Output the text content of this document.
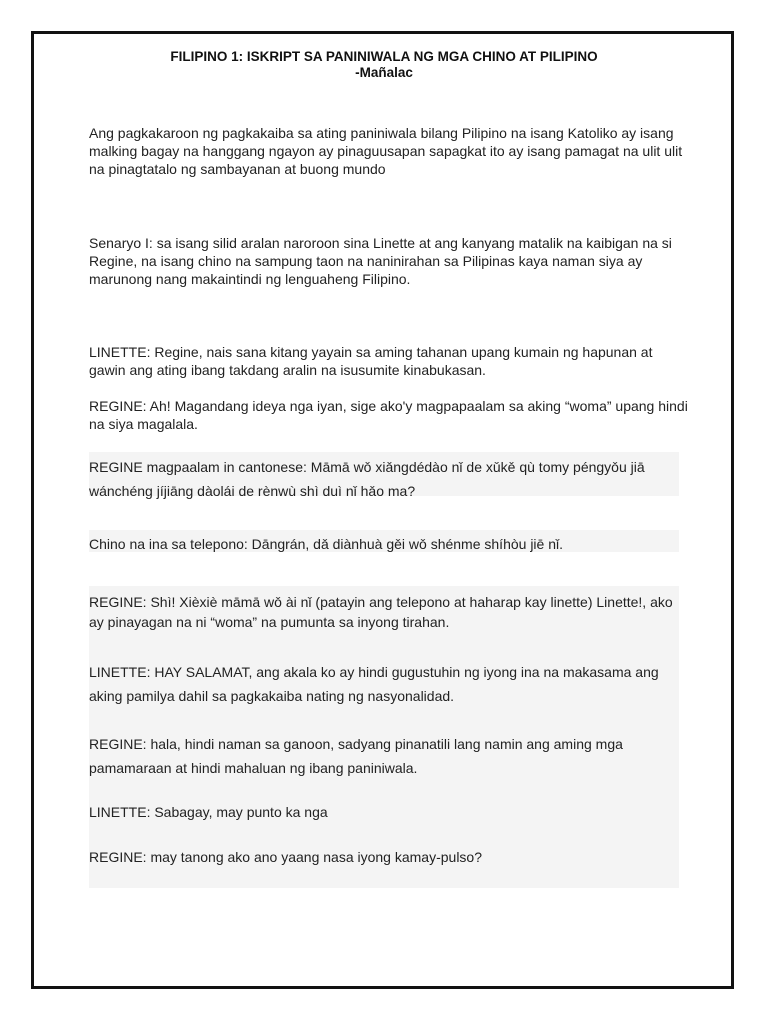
FILIPINO 1: ISKRIPT SA PANINIWALA NG MGA CHINO AT PILIPINO
-Mañalac

Ang pagkakaroon ng pagkakaiba sa ating paniniwala bilang Pilipino na isang Katoliko ay isang malking bagay na hanggang ngayon ay pinaguusapan sapagkat ito ay isang pamagat na ulit ulit na pinagtatalo ng sambayanan at buong mundo

Senaryo I: sa isang silid aralan naroroon sina Linette at ang kanyang matalik na kaibigan na si Regine, na isang chino na sampung taon na naninirahan sa Pilipinas kaya naman siya ay marunong nang makaintindi ng lenguaheng Filipino.

LINETTE: Regine, nais sana kitang yayain sa aming tahanan upang kumain ng hapunan at gawin ang ating ibang takdang aralin na isusumite kinabukasan.

REGINE: Ah! Magandang ideya nga iyan, sige ako'y magpapaalam sa aking “woma” upang hindi na siya magalala.

REGINE magpaalam in cantonese: Māmā wǒ xiǎngdédào nǐ de xǔkě qù tomy péngyǒu jiā wánchéng jíjiāng dàolái de rènwù shì duì nǐ hǎo ma?

Chino na ina sa telepono: Dāngrán, dǎ diànhuà gěi wǒ shénme shíhòu jiē nǐ.

REGINE: Shì! Xièxiè māmā wǒ ài nǐ (patayin ang telepono at haharap kay linette) Linette!, ako ay pinayagan na ni “woma” na pumunta sa inyong tirahan.

LINETTE: HAY SALAMAT, ang akala ko ay hindi gugustuhin ng iyong ina na makasama ang aking pamilya dahil sa pagkakaiba nating ng nasyonalidad.

REGINE: hala, hindi naman sa ganoon, sadyang pinanatili lang namin ang aming mga pamamaraan at hindi mahaluan ng ibang paniniwala.

LINETTE: Sabagay, may punto ka nga

REGINE: may tanong ako ano yaang nasa iyong kamay-pulso?
